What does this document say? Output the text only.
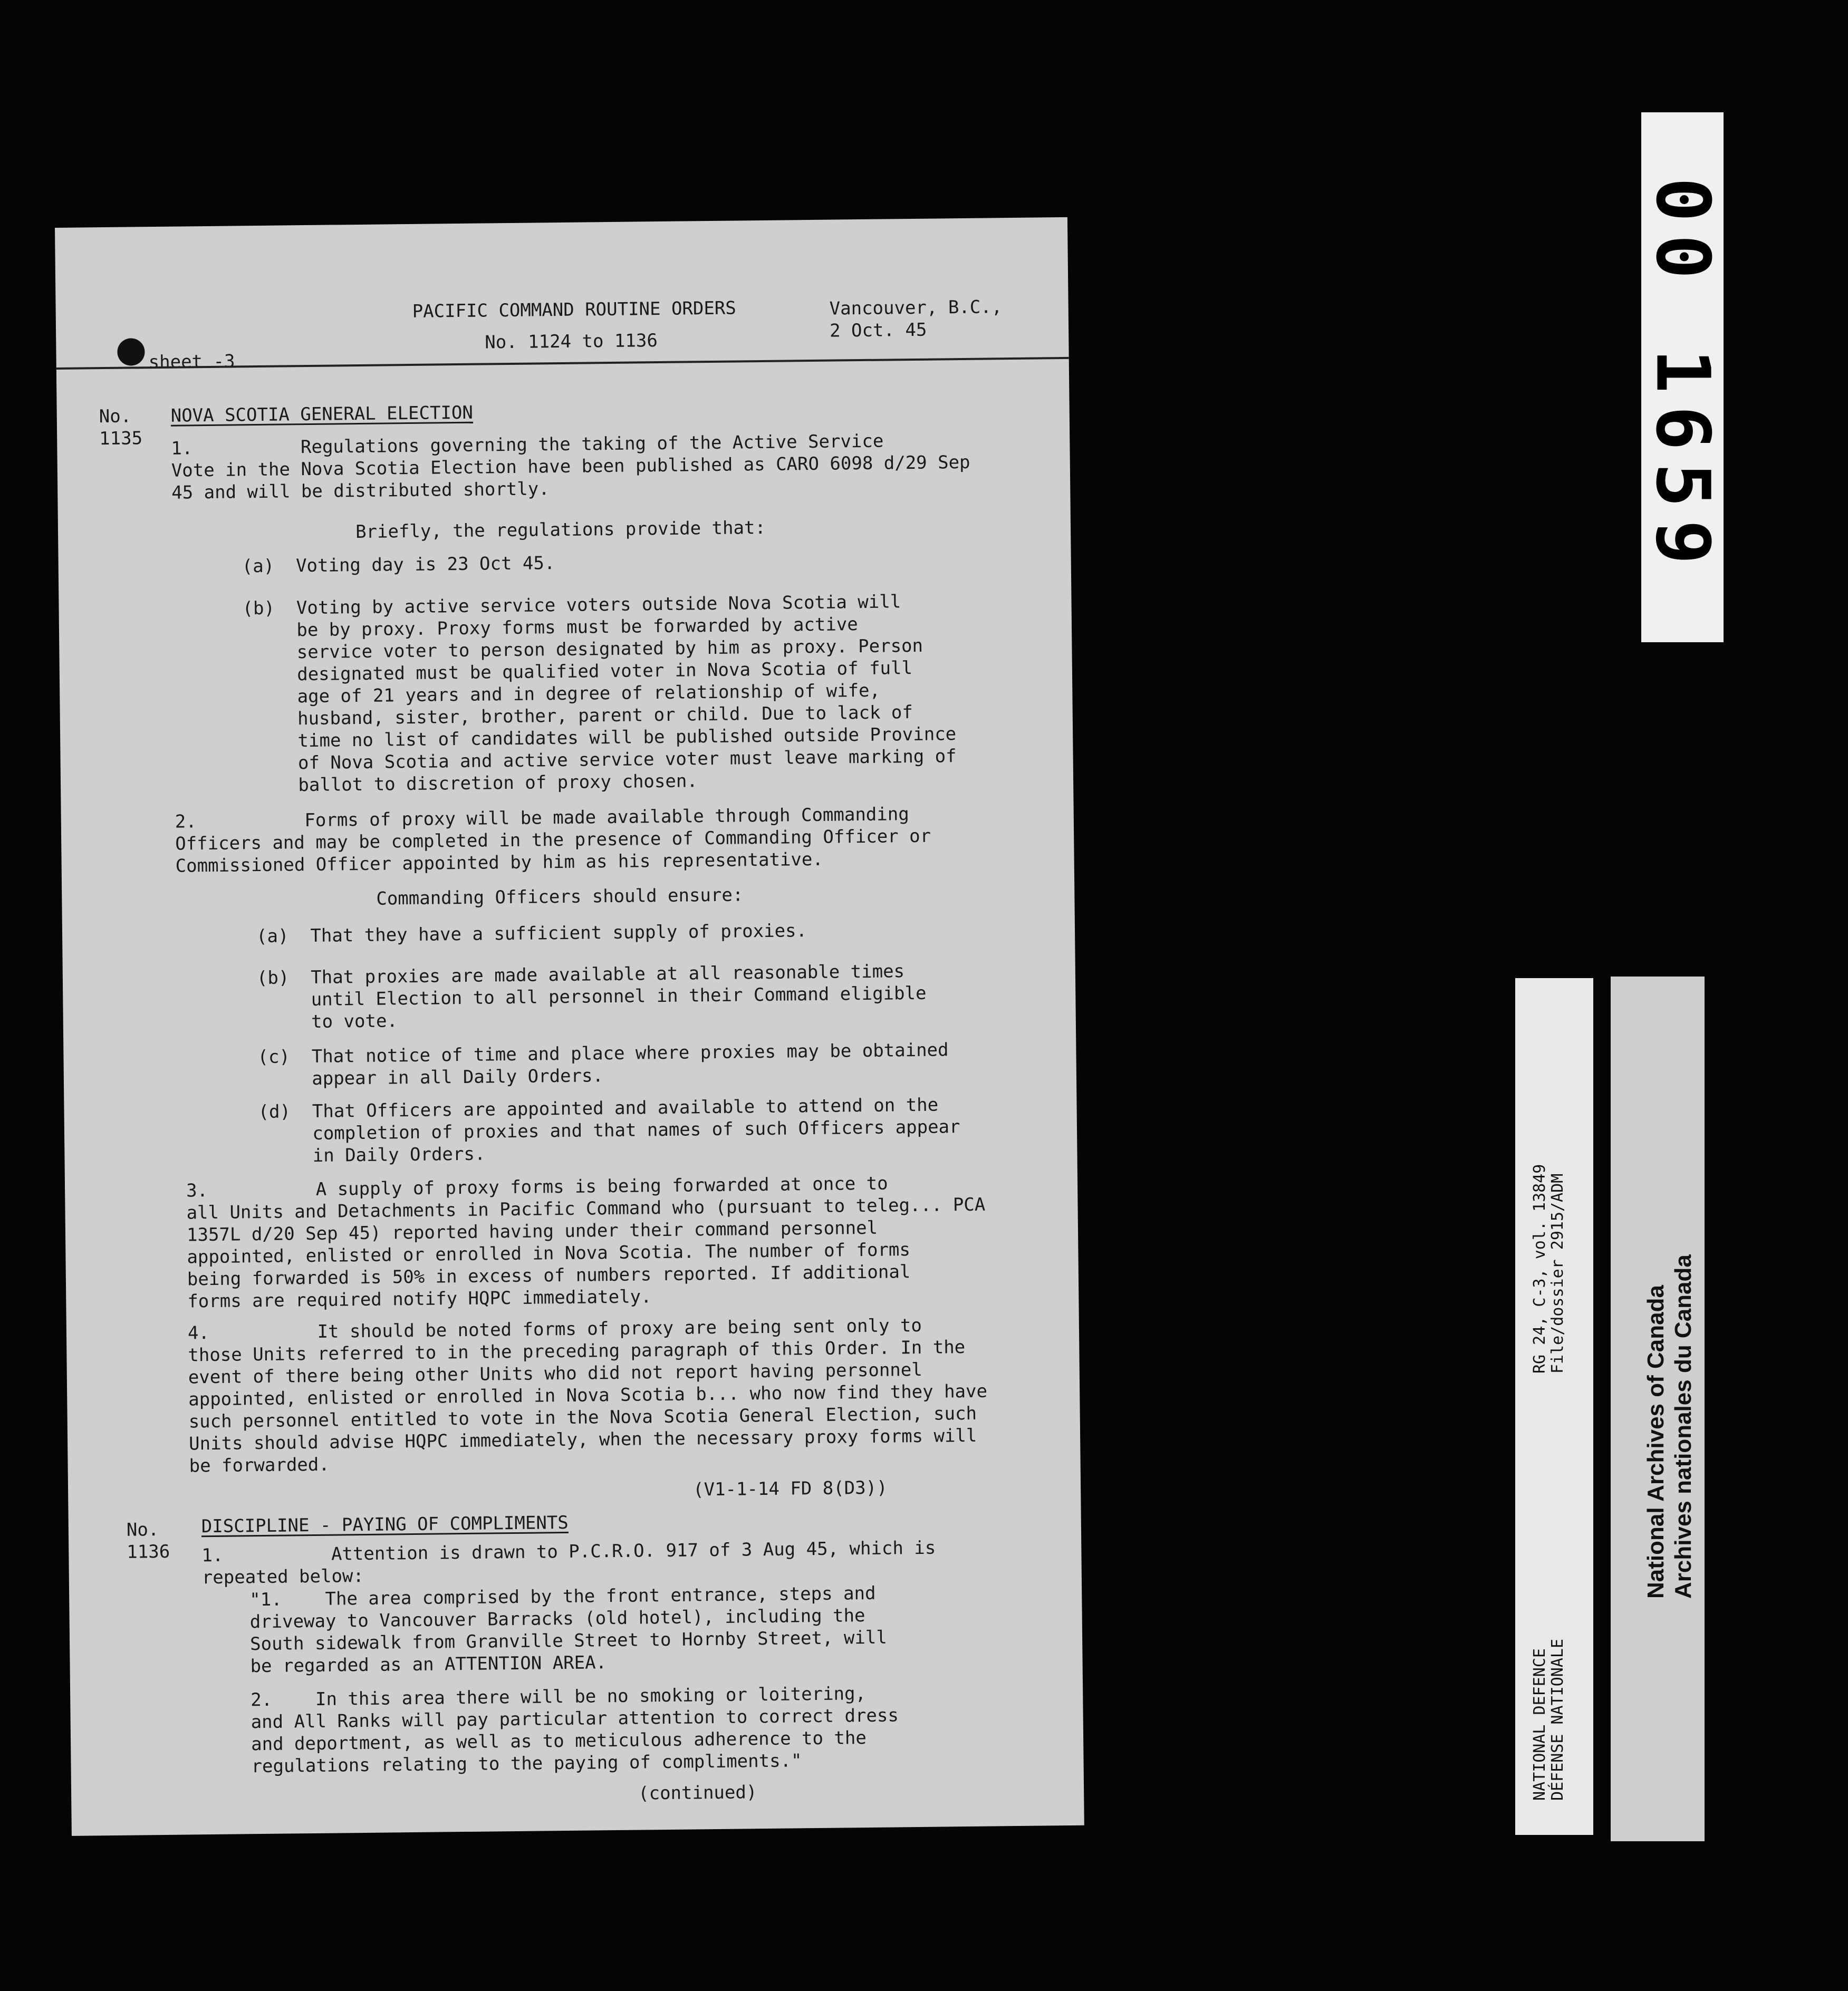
sheet -3
PACIFIC COMMAND ROUTINE ORDERS
No. 1124 to 1136
Vancouver, B.C.,
2 Oct. 45
No.
1135
NOVA SCOTIA GENERAL ELECTION
1.          Regulations governing the taking of the Active Service
Vote in the Nova Scotia Election have been published as CARO 6098 d/29 Sep
45 and will be distributed shortly.
Briefly, the regulations provide that:
(a)  Voting day is 23 Oct 45.
(b)  Voting by active service voters outside Nova Scotia will
be by proxy. Proxy forms must be forwarded by active
service voter to person designated by him as proxy. Person
designated must be qualified voter in Nova Scotia of full
age of 21 years and in degree of relationship of wife,
husband, sister, brother, parent or child. Due to lack of
time no list of candidates will be published outside Province
of Nova Scotia and active service voter must leave marking of
ballot to discretion of proxy chosen.
2.          Forms of proxy will be made available through Commanding
Officers and may be completed in the presence of Commanding Officer or
Commissioned Officer appointed by him as his representative.
Commanding Officers should ensure:
(a)  That they have a sufficient supply of proxies.
(b)  That proxies are made available at all reasonable times
until Election to all personnel in their Command eligible
to vote.
(c)  That notice of time and place where proxies may be obtained
appear in all Daily Orders.
(d)  That Officers are appointed and available to attend on the
completion of proxies and that names of such Officers appear
in Daily Orders.
3.          A supply of proxy forms is being forwarded at once to
all Units and Detachments in Pacific Command who (pursuant to teleg... PCA
1357L d/20 Sep 45) reported having under their command personnel
appointed, enlisted or enrolled in Nova Scotia. The number of forms
being forwarded is 50% in excess of numbers reported. If additional
forms are required notify HQPC immediately.
4.          It should be noted forms of proxy are being sent only to
those Units referred to in the preceding paragraph of this Order. In the
event of there being other Units who did not report having personnel
appointed, enlisted or enrolled in Nova Scotia b... who now find they have
such personnel entitled to vote in the Nova Scotia General Election, such
Units should advise HQPC immediately, when the necessary proxy forms will
be forwarded.
(V1-1-14 FD 8(D3))
No.
1136
DISCIPLINE - PAYING OF COMPLIMENTS
1.          Attention is drawn to P.C.R.O. 917 of 3 Aug 45, which is
repeated below:
"1.    The area comprised by the front entrance, steps and
driveway to Vancouver Barracks (old hotel), including the
South sidewalk from Granville Street to Hornby Street, will
be regarded as an ATTENTION AREA.
2.    In this area there will be no smoking or loitering,
and All Ranks will pay particular attention to correct dress
and deportment, as well as to meticulous adherence to the
regulations relating to the paying of compliments."
(continued)
00 1659
NATIONAL DEFENCE
DÉFENSE NATIONALE
RG 24, C-3, vol. 13849
File/dossier 2915/ADM
National Archives of Canada
Archives nationales du Canada
